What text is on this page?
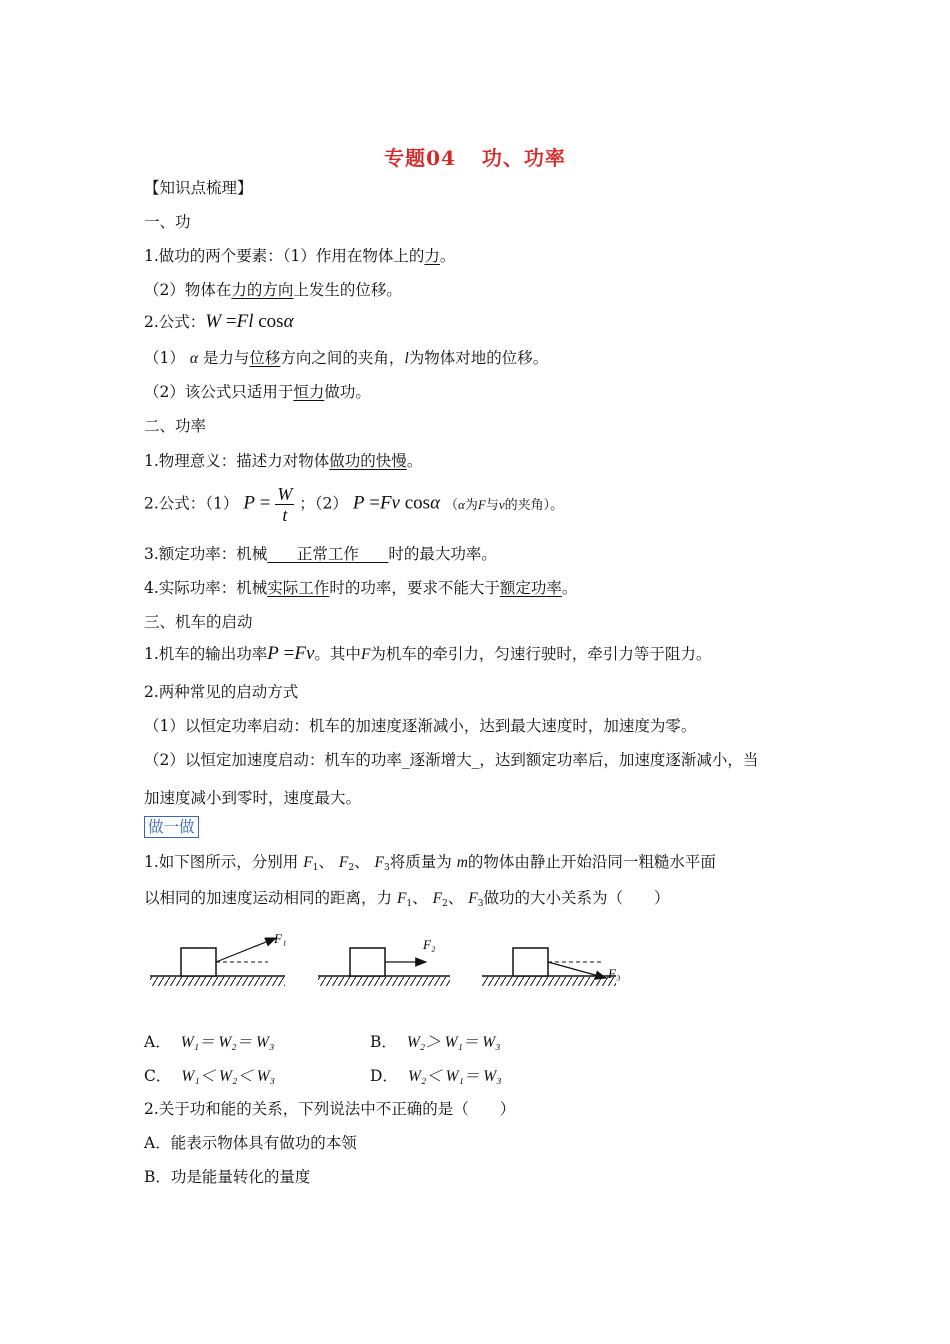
专题04 功、功率
【知识点梳理】
一、功
1.做功的两个要素：（1）作用在物体上的力。
（2）物体在力的方向上发生的位移。
2.公式：W =Fl cosα
（1） α 是力与位移方向之间的夹角，l为物体对地的位移。
（2）该公式只适用于恒力做功。
二、功率
1.物理意义：描述力对物体做功的快慢。
2.公式：（1） $P = \frac{W}{t}$ ；（2） P =Fv cosα （α为F与v的夹角）。
3.额定功率：机械      正常工作      时的最大功率。
4.实际功率：机械实际工作时的功率，要求不能大于额定功率。
三、机车的启动
1.机车的输出功率P =Fv。其中F为机车的牵引力，匀速行驶时，牵引力等于阻力。
2.两种常见的启动方式
（1）以恒定功率启动：机车的加速度逐渐减小，达到最大速度时，加速度为零。
（2）以恒定加速度启动：机车的功率_逐渐增大_，达到额定功率后，加速度逐渐减小，当
加速度减小到零时，速度最大。
做一做
1.如下图所示，分别用 $F_1$、 $F_2$、 $F_3$将质量为 m的物体由静止开始沿同一粗糙水平面
以相同的加速度运动相同的距离，力 $F_1$、 $F_2$、 $F_3$做功的大小关系为（　　）
F₁	F₂
F₃
A． W₁＝ W₂＝ W₃	B． W₂＞ W₁＝ W₃
C． W₁＜ W₂＜ W₃	D． W₂＜ W₁＝ W₃
2.关于功和能的关系，下列说法中不正确的是（　　）
A．能表示物体具有做功的本领
B．功是能量转化的量度
